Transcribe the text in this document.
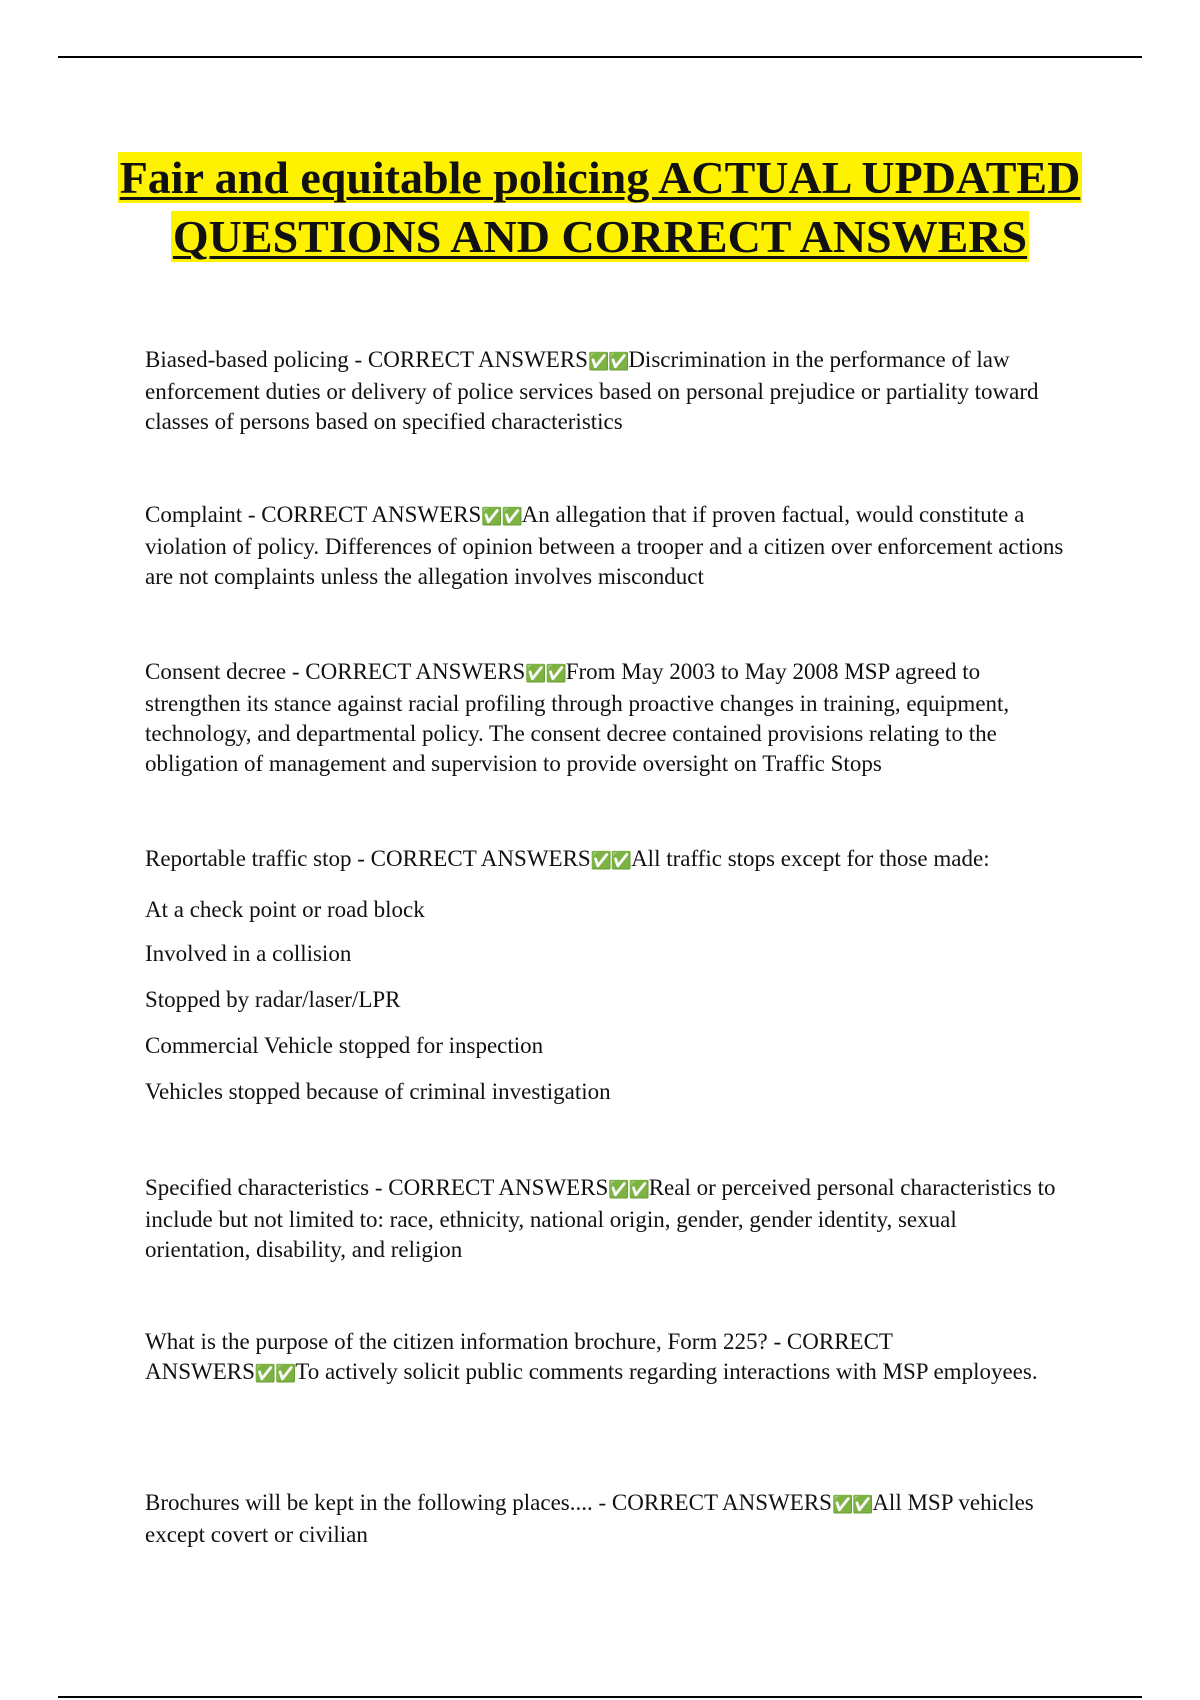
Fair and equitable policing ACTUAL UPDATED QUESTIONS AND CORRECT ANSWERS

Biased-based policing - CORRECT ANSWERS✅✅Discrimination in the performance of law enforcement duties or delivery of police services based on personal prejudice or partiality toward classes of persons based on specified characteristics

Complaint - CORRECT ANSWERS✅✅An allegation that if proven factual, would constitute a violation of policy. Differences of opinion between a trooper and a citizen over enforcement actions are not complaints unless the allegation involves misconduct

Consent decree - CORRECT ANSWERS✅✅From May 2003 to May 2008 MSP agreed to strengthen its stance against racial profiling through proactive changes in training, equipment, technology, and departmental policy. The consent decree contained provisions relating to the obligation of management and supervision to provide oversight on Traffic Stops

Reportable traffic stop - CORRECT ANSWERS✅✅All traffic stops except for those made:

At a check point or road block

Involved in a collision

Stopped by radar/laser/LPR

Commercial Vehicle stopped for inspection

Vehicles stopped because of criminal investigation

Specified characteristics - CORRECT ANSWERS✅✅Real or perceived personal characteristics to include but not limited to: race, ethnicity, national origin, gender, gender identity, sexual orientation, disability, and religion

What is the purpose of the citizen information brochure, Form 225? - CORRECT ANSWERS✅✅To actively solicit public comments regarding interactions with MSP employees.

Brochures will be kept in the following places.... - CORRECT ANSWERS✅✅All MSP vehicles except covert or civilian
